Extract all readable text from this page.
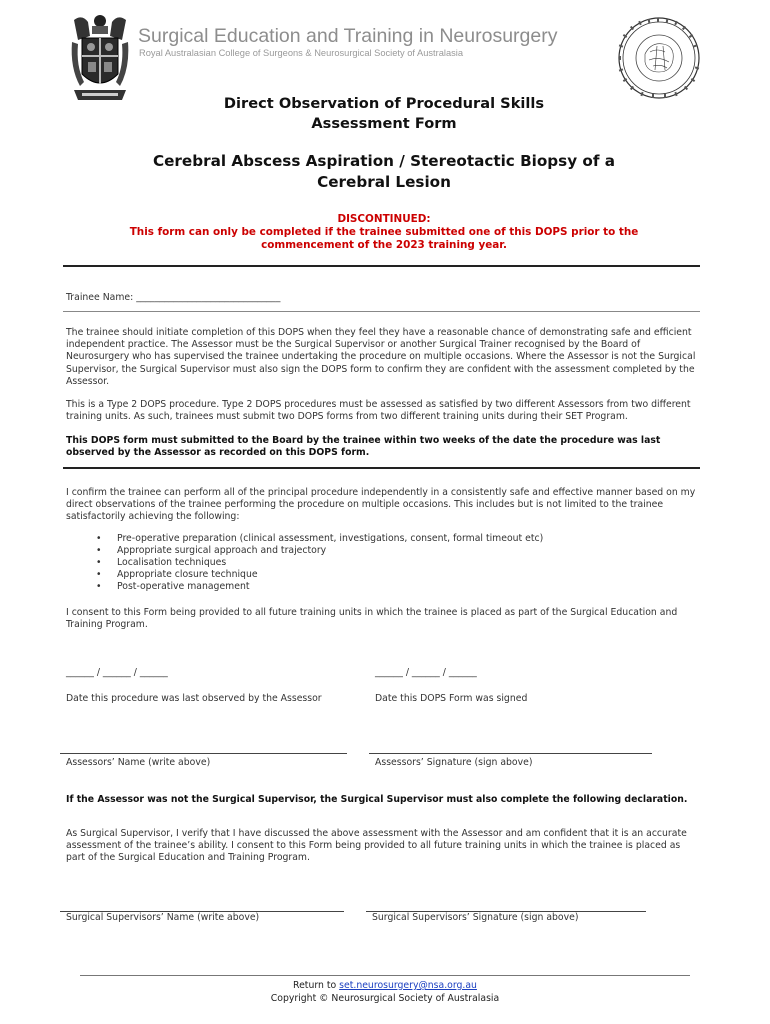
Surgical Education and Training in Neurosurgery
Royal Australasian College of Surgeons & Neurosurgical Society of Australasia
Direct Observation of Procedural Skills
Assessment Form
Cerebral Abscess Aspiration / Stereotactic Biopsy of a
Cerebral Lesion
DISCONTINUED:
This form can only be completed if the trainee submitted one of this DOPS prior to the
commencement of the 2023 training year.
Trainee Name: _______________________________
The trainee should initiate completion of this DOPS when they feel they have a reasonable chance of demonstrating safe and efficient independent practice. The Assessor must be the Surgical Supervisor or another Surgical Trainer recognised by the Board of Neurosurgery who has supervised the trainee undertaking the procedure on multiple occasions. Where the Assessor is not the Surgical Supervisor, the Surgical Supervisor must also sign the DOPS form to confirm they are confident with the assessment completed by the Assessor.
This is a Type 2 DOPS procedure. Type 2 DOPS procedures must be assessed as satisfied by two different Assessors from two different training units. As such, trainees must submit two DOPS forms from two different training units during their SET Program.
This DOPS form must submitted to the Board by the trainee within two weeks of the date the procedure was last observed by the Assessor as recorded on this DOPS form.
I confirm the trainee can perform all of the principal procedure independently in a consistently safe and effective manner based on my direct observations of the trainee performing the procedure on multiple occasions. This includes but is not limited to the trainee satisfactorily achieving the following:
• Pre-operative preparation (clinical assessment, investigations, consent, formal timeout etc)
• Appropriate surgical approach and trajectory
• Localisation techniques
• Appropriate closure technique
• Post-operative management
I consent to this Form being provided to all future training units in which the trainee is placed as part of the Surgical Education and Training Program.
______ / ______ / ______	______ / ______ / ______
Date this procedure was last observed by the Assessor	Date this DOPS Form was signed
Assessors’ Name (write above)	Assessors’ Signature (sign above)
If the Assessor was not the Surgical Supervisor, the Surgical Supervisor must also complete the following declaration.
As Surgical Supervisor, I verify that I have discussed the above assessment with the Assessor and am confident that it is an accurate assessment of the trainee’s ability. I consent to this Form being provided to all future training units in which the trainee is placed as part of the Surgical Education and Training Program.
Surgical Supervisors’ Name (write above)	Surgical Supervisors’ Signature (sign above)
Return to set.neurosurgery@nsa.org.au
Copyright © Neurosurgical Society of Australasia
